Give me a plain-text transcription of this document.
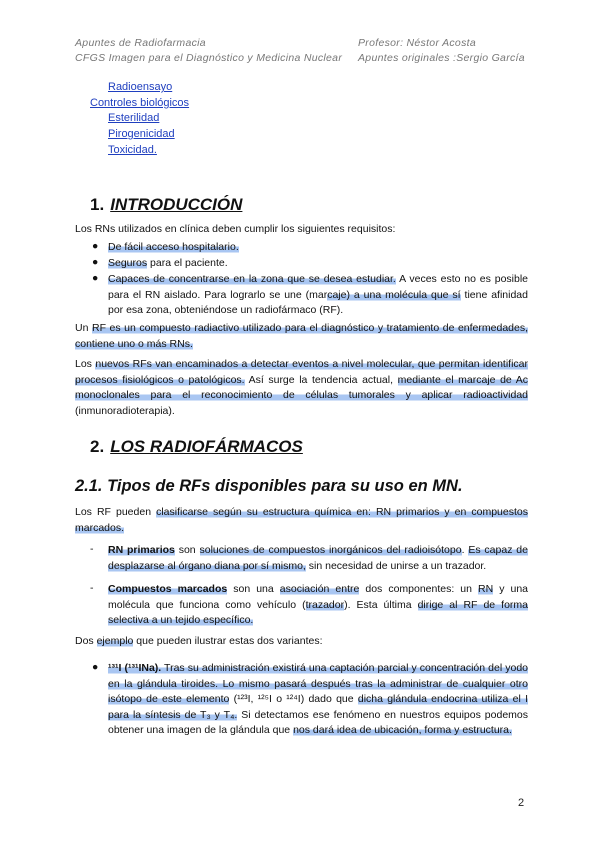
Apuntes de Radiofarmacia
CFGS Imagen para el Diagnóstico y Medicina Nuclear
Profesor: Néstor Acosta
Apuntes originales :Sergio García
Radioensayo
Controles biológicos
Esterilidad
Pirogenicidad
Toxicidad.
1. INTRODUCCIÓN
Los RNs utilizados en clínica deben cumplir los siguientes requisitos:
● De fácil acceso hospitalario.
● Seguros para el paciente.
● Capaces de concentrarse en la zona que se desea estudiar. A veces esto no es posible para el RN aislado. Para lograrlo se une (marcaje) a una molécula que sí tiene afinidad por esa zona, obteniéndose un radiofármaco (RF).
Un RF es un compuesto radiactivo utilizado para el diagnóstico y tratamiento de enfermedades, contiene uno o más RNs.
Los nuevos RFs van encaminados a detectar eventos a nivel molecular, que permitan identificar procesos fisiológicos o patológicos. Así surge la tendencia actual, mediante el marcaje de Ac monoclonales para el reconocimiento de células tumorales y aplicar radioactividad (inmunoradioterapia).
2. LOS RADIOFÁRMACOS
2.1. Tipos de RFs disponibles para su uso en MN.
Los RF pueden clasificarse según su estructura química en: RN primarios y en compuestos marcados.
- RN primarios son soluciones de compuestos inorgánicos del radioisótopo. Es capaz de desplazarse al órgano diana por sí mismo, sin necesidad de unirse a un trazador.
- Compuestos marcados son una asociación entre dos componentes: un RN y una molécula que funciona como vehículo (trazador). Esta última dirige al RF de forma selectiva a un tejido específico.
Dos ejemplo que pueden ilustrar estas dos variantes:
● ¹³¹I (¹³¹INa). Tras su administración existirá una captación parcial y concentración del yodo en la glándula tiroides. Lo mismo pasará después tras la administrar de cualquier otro isótopo de este elemento (¹²³I, ¹²⁵I o ¹²⁴I) dado que dicha glándula endocrina utiliza el I para la síntesis de T₃ y T₄. Si detectamos ese fenómeno en nuestros equipos podemos obtener una imagen de la glándula que nos dará idea de ubicación, forma y estructura.
2
